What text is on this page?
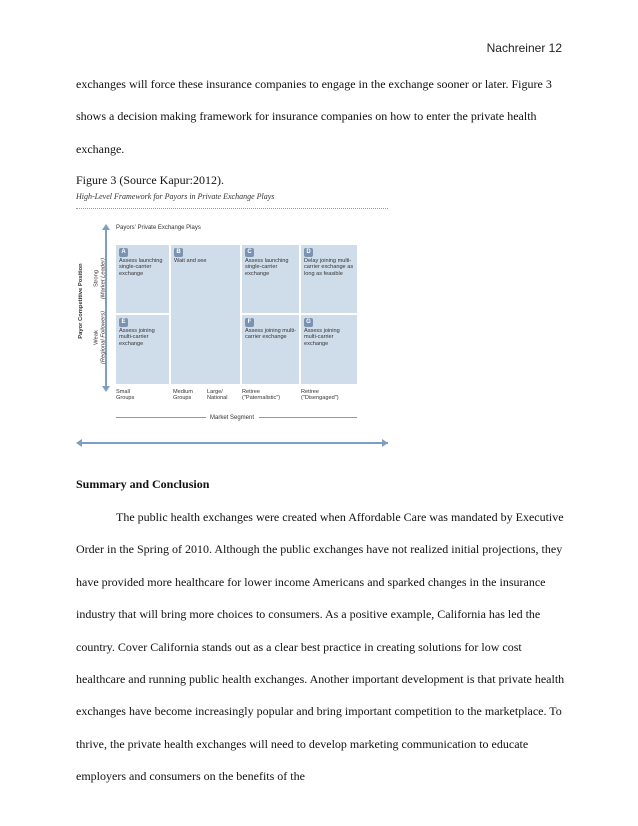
Nachreiner 12

exchanges will force these insurance companies to engage in the exchange sooner or later. Figure 3 shows a decision making framework for insurance companies on how to enter the private health exchange.

Figure 3 (Source Kapur:2012).

High-Level Framework for Payors in Private Exchange Plays
Payors' Private Exchange Plays
Payor Competitive Position Strong (Market Leader)
Weak (Regional Followers)
A
Assess launching single-carrier exchange
B
Wait and see
C
Assess launching single-carrier exchange
D
Delay joining multi-carrier exchange as long as feasible
E
Assess joining multi-carrier exchange
F
Assess joining multi-carrier exchange
G
Assess joining multi-carrier exchange
Small
Groups
Medium
Groups
Large/
National
Retiree
("Paternalistic")
Retiree
("Disengaged")
Market Segment

Summary and Conclusion

The public health exchanges were created when Affordable Care was mandated by Executive Order in the Spring of 2010. Although the public exchanges have not realized initial projections, they have provided more healthcare for lower income Americans and sparked changes in the insurance industry that will bring more choices to consumers. As a positive example, California has led the country. Cover California stands out as a clear best practice in creating solutions for low cost healthcare and running public health exchanges. Another important development is that private health exchanges have become increasingly popular and bring important competition to the marketplace. To thrive, the private health exchanges will need to develop marketing communication to educate employers and consumers on the benefits of the
